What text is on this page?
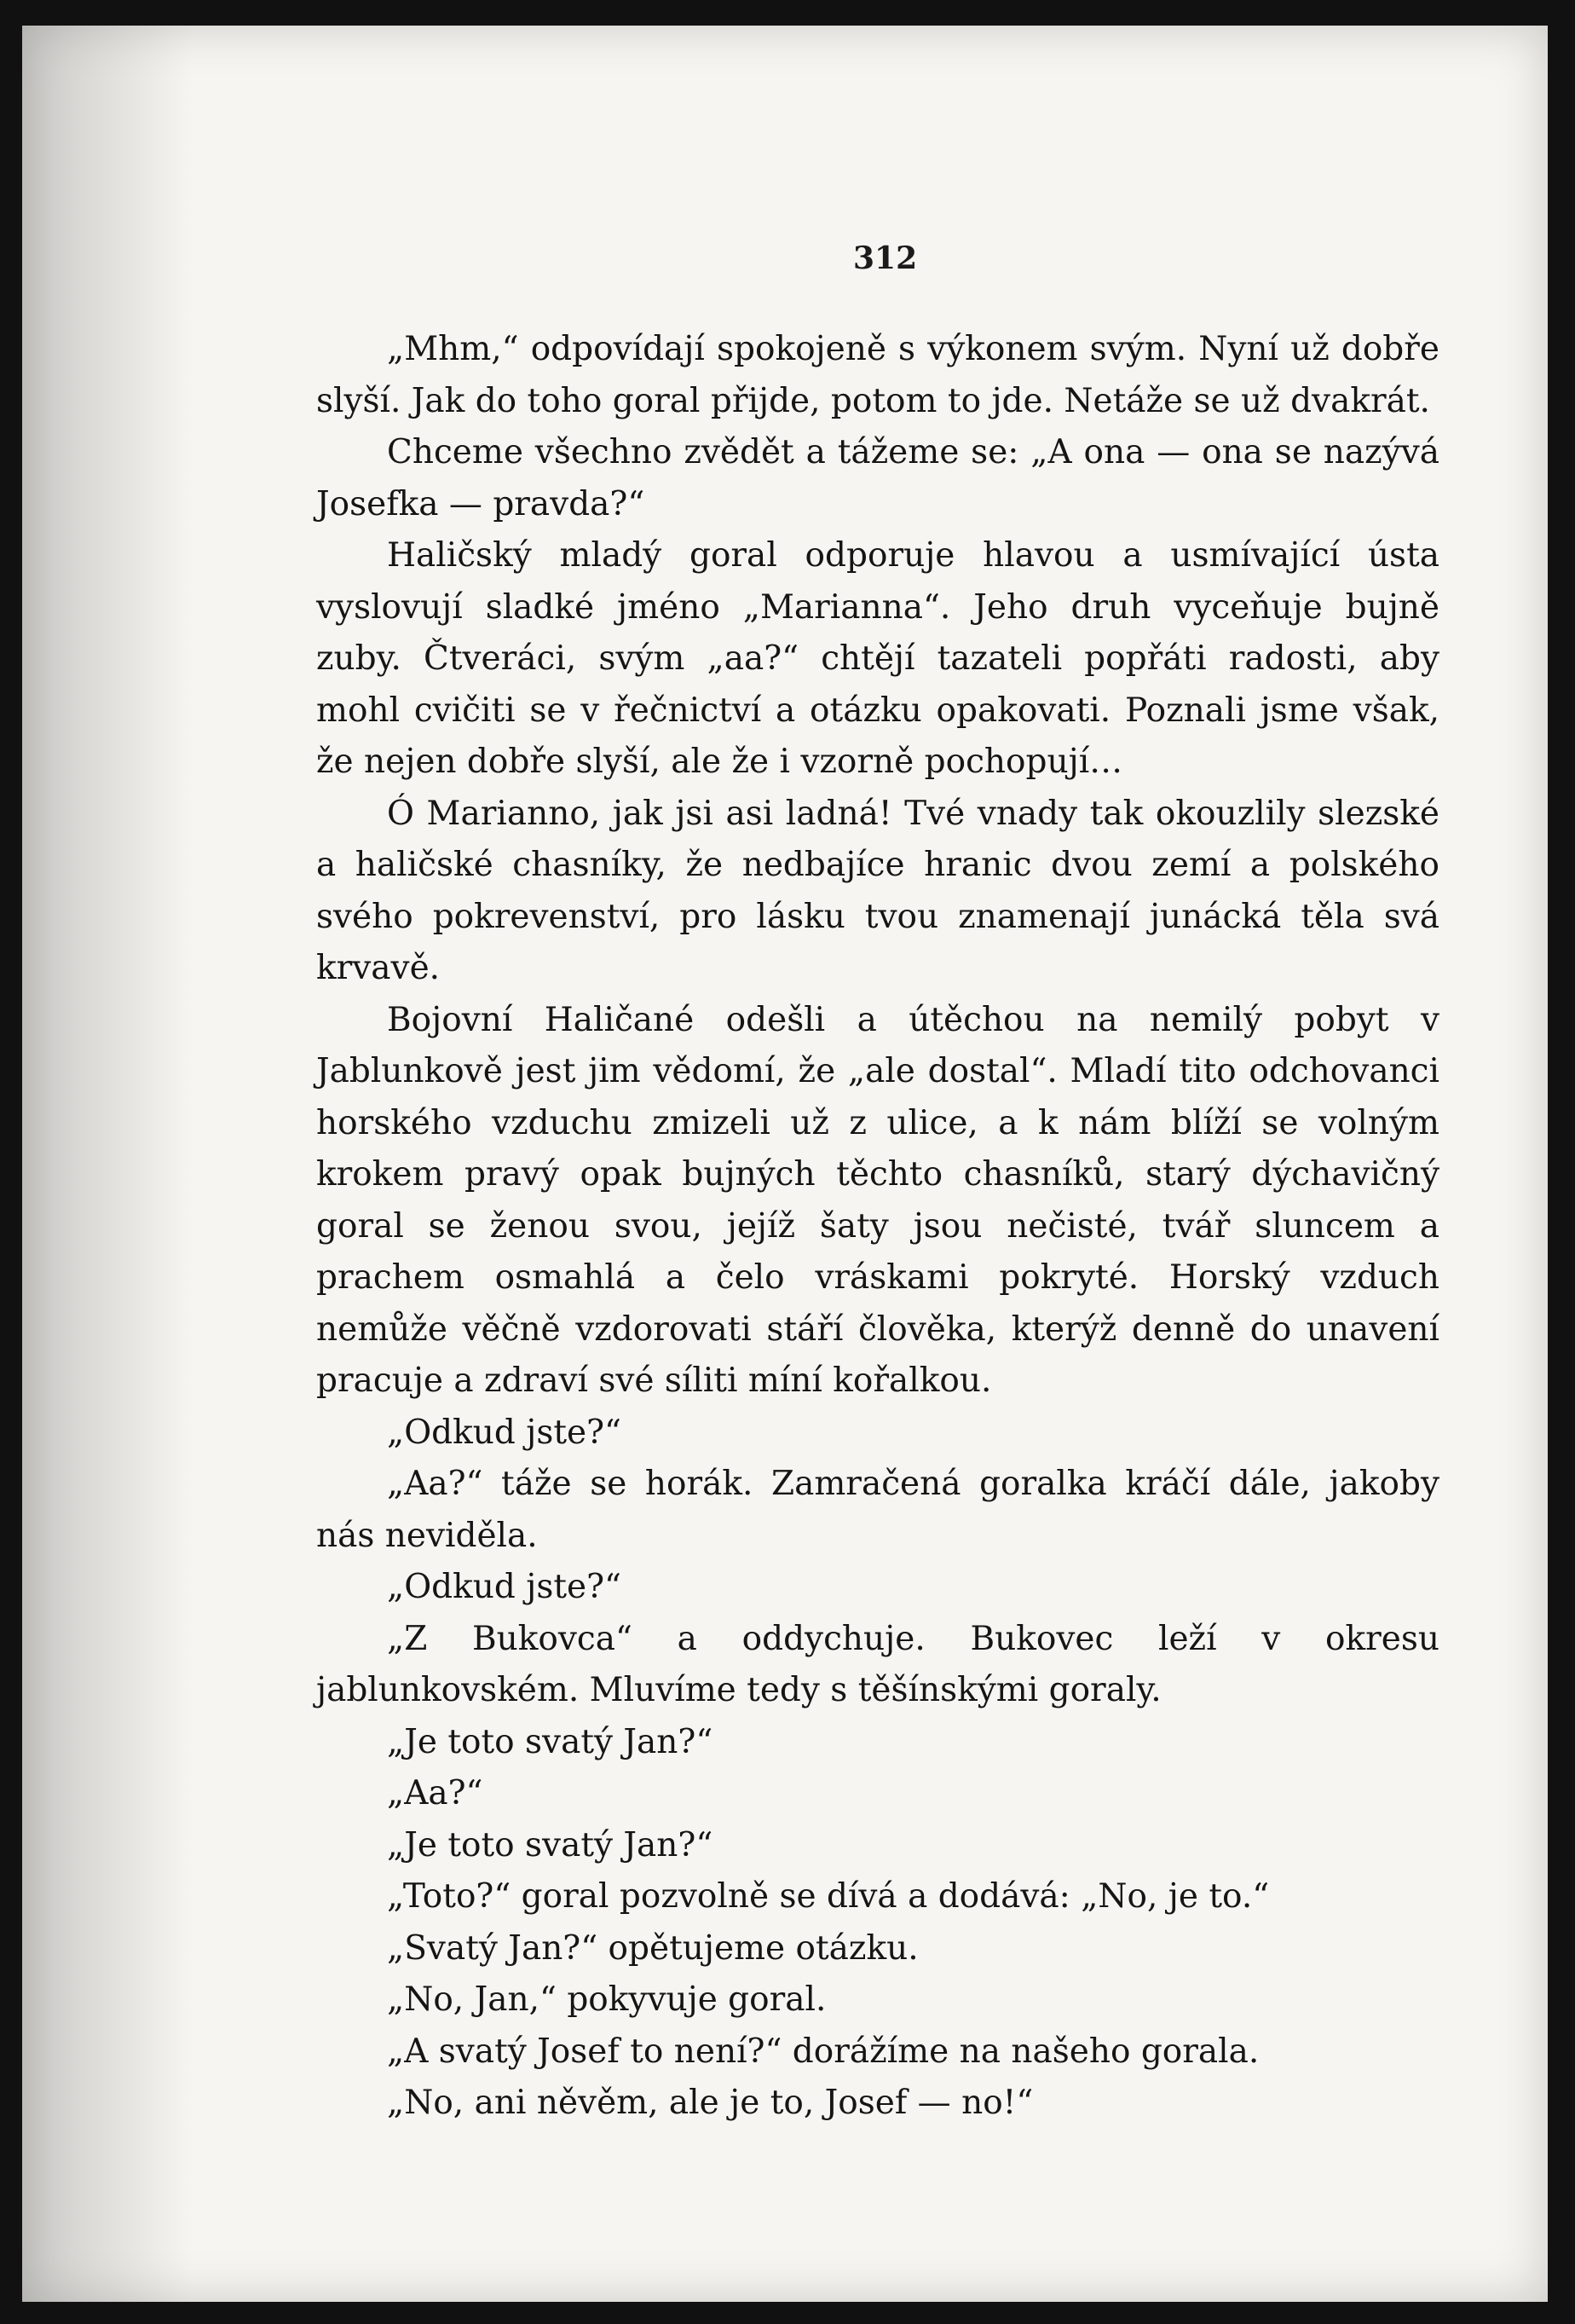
312

„Mhm,“ odpovídají spokojeně s výkonem svým. Nyní už dobře slyší. Jak do toho goral přijde, potom to jde. Netáže se už dvakrát.

Chceme všechno zvědět a tážeme se: „A ona — ona se nazývá Josefka — pravda?“

Haličský mladý goral odporuje hlavou a usmívající ústa vyslovují sladké jméno „Marianna“. Jeho druh vyceňuje bujně zuby. Čtveráci, svým „aa?“ chtějí tazateli popřáti radosti, aby mohl cvičiti se v řečnictví a otázku opakovati. Poznali jsme však, že nejen dobře slyší, ale že i vzorně pochopují…

Ó Marianno, jak jsi asi ladná! Tvé vnady tak okouzlily slezské a haličské chasníky, že nedbajíce hranic dvou zemí a polského svého pokrevenství, pro lásku tvou znamenají junácká těla svá krvavě.

Bojovní Haličané odešli a útěchou na nemilý pobyt v Jablunkově jest jim vědomí, že „ale dostal“. Mladí tito odchovanci horského vzduchu zmizeli už z ulice, a k nám blíží se volným krokem pravý opak bujných těchto chasníků, starý dýchavičný goral se ženou svou, jejíž šaty jsou nečisté, tvář sluncem a prachem osmahlá a čelo vráskami pokryté. Horský vzduch nemůže věčně vzdorovati stáří člověka, kterýž denně do unavení pracuje a zdraví své síliti míní kořalkou.

„Odkud jste?“

„Aa?“ táže se horák. Zamračená goralka kráčí dále, jakoby nás neviděla.

„Odkud jste?“

„Z Bukovca“ a oddychuje. Bukovec leží v okresu jablunkovském. Mluvíme tedy s těšínskými goraly.

„Je toto svatý Jan?“

„Aa?“

„Je toto svatý Jan?“

„Toto?“ goral pozvolně se dívá a dodává: „No, je to.“

„Svatý Jan?“ opětujeme otázku.

„No, Jan,“ pokyvuje goral.

„A svatý Josef to není?“ dorážíme na našeho gorala.

„No, ani něvěm, ale je to, Josef — no!“
